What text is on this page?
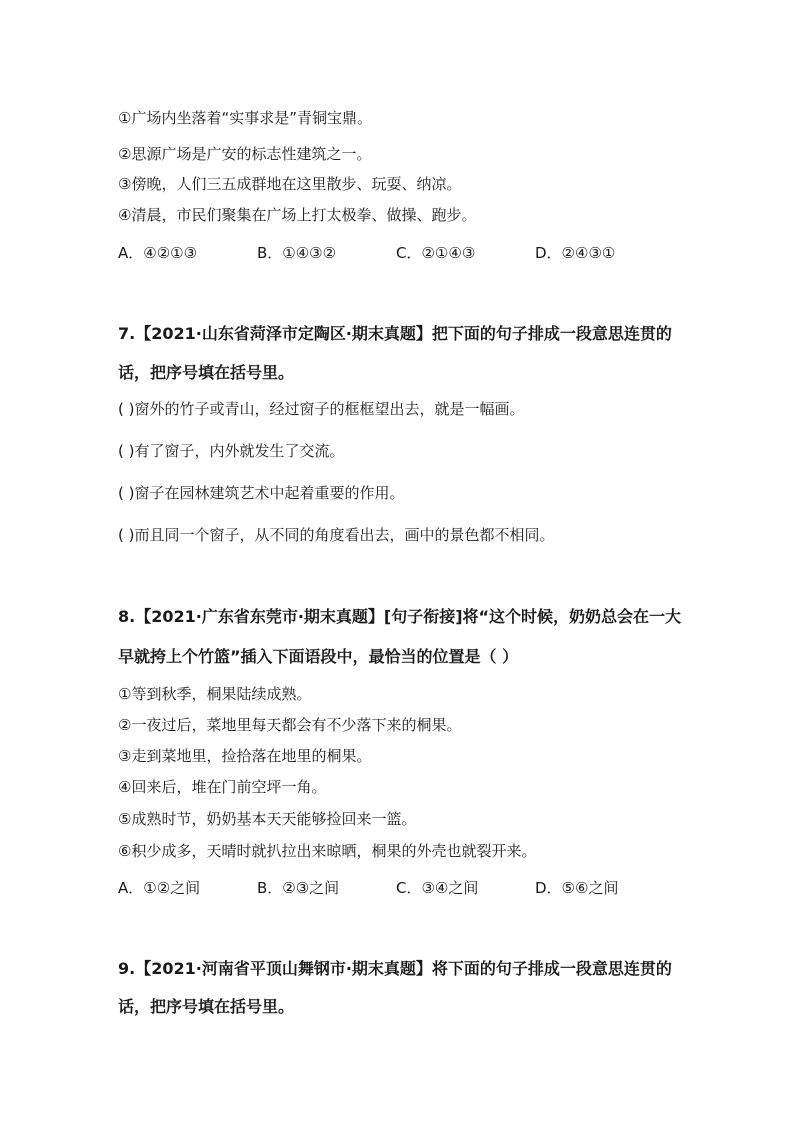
①广场内坐落着“实事求是”青铜宝鼎。
②思源广场是广安的标志性建筑之一。
③傍晚，人们三五成群地在这里散步、玩耍、纳凉。
④清晨，市民们聚集在广场上打太极拳、做操、跑步。
A．④②①③	B．①④③②	C．②①④③	D．②④③①
7.【2021·山东省菏泽市定陶区·期末真题】把下面的句子排成一段意思连贯的
话，把序号填在括号里。
( )窗外的竹子或青山，经过窗子的框框望出去，就是一幅画。
( )有了窗子，内外就发生了交流。
( )窗子在园林建筑艺术中起着重要的作用。
( )而且同一个窗子，从不同的角度看出去，画中的景色都不相同。
8.【2021·广东省东莞市·期末真题】[句子衔接]将“这个时候，奶奶总会在一大
早就挎上个竹篮”插入下面语段中，最恰当的位置是（ ）
①等到秋季，桐果陆续成熟。
②一夜过后，菜地里每天都会有不少落下来的桐果。
③走到菜地里，捡拾落在地里的桐果。
④回来后，堆在门前空坪一角。
⑤成熟时节，奶奶基本天天能够捡回来一篮。
⑥积少成多，天晴时就扒拉出来晾晒，桐果的外壳也就裂开来。
A．①②之间	B．②③之间	C．③④之间	D．⑤⑥之间
9.【2021·河南省平顶山舞钢市·期末真题】将下面的句子排成一段意思连贯的
话，把序号填在括号里。
